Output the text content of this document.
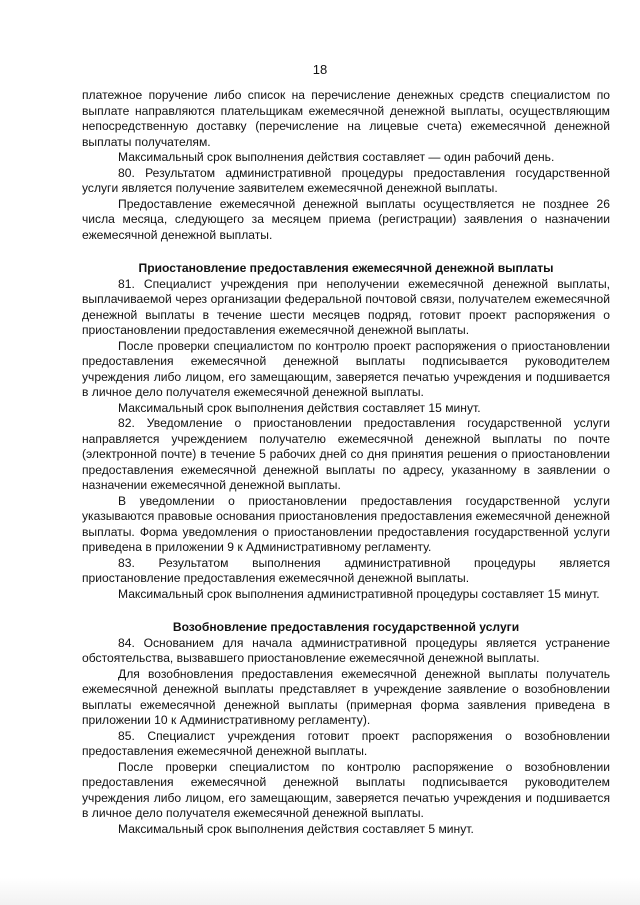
18

платежное поручение либо список на перечисление денежных средств специалистом по выплате направляются плательщикам ежемесячной денежной выплаты, осуществляющим непосредственную доставку (перечисление на лицевые счета) ежемесячной денежной выплаты получателям.

Максимальный срок выполнения действия составляет — один рабочий день.

80. Результатом административной процедуры предоставления государственной услуги является получение заявителем ежемесячной денежной выплаты.

Предоставление ежемесячной денежной выплаты осуществляется не позднее 26 числа месяца, следующего за месяцем приема (регистрации) заявления о назначении ежемесячной денежной выплаты.

Приостановление предоставления ежемесячной денежной выплаты

81. Специалист учреждения при неполучении ежемесячной денежной выплаты, выплачиваемой через организации федеральной почтовой связи, получателем ежемесячной денежной выплаты в течение шести месяцев подряд, готовит проект распоряжения о приостановлении предоставления ежемесячной денежной выплаты.

После проверки специалистом по контролю проект распоряжения о приостановлении предоставления ежемесячной денежной выплаты подписывается руководителем учреждения либо лицом, его замещающим, заверяется печатью учреждения и подшивается в личное дело получателя ежемесячной денежной выплаты.

Максимальный срок выполнения действия составляет 15 минут.

82. Уведомление о приостановлении предоставления государственной услуги направляется учреждением получателю ежемесячной денежной выплаты по почте (электронной почте) в течение 5 рабочих дней со дня принятия решения о приостановлении предоставления ежемесячной денежной выплаты по адресу, указанному в заявлении о назначении ежемесячной денежной выплаты.

В уведомлении о приостановлении предоставления государственной услуги указываются правовые основания приостановления предоставления ежемесячной денежной выплаты. Форма уведомления о приостановлении предоставления государственной услуги приведена в приложении 9 к Административному регламенту.

83. Результатом выполнения административной процедуры является приостановление предоставления ежемесячной денежной выплаты.

Максимальный срок выполнения административной процедуры составляет 15 минут.

Возобновление предоставления государственной услуги

84. Основанием для начала административной процедуры является устранение обстоятельства, вызвавшего приостановление ежемесячной денежной выплаты.

Для возобновления предоставления ежемесячной денежной выплаты получатель ежемесячной денежной выплаты представляет в учреждение заявление о возобновлении выплаты ежемесячной денежной выплаты (примерная форма заявления приведена в приложении 10 к Административному регламенту).

85. Специалист учреждения готовит проект распоряжения о возобновлении предоставления ежемесячной денежной выплаты.

После проверки специалистом по контролю распоряжение о возобновлении предоставления ежемесячной денежной выплаты подписывается руководителем учреждения либо лицом, его замещающим, заверяется печатью учреждения и подшивается в личное дело получателя ежемесячной денежной выплаты.

Максимальный срок выполнения действия составляет 5 минут.
